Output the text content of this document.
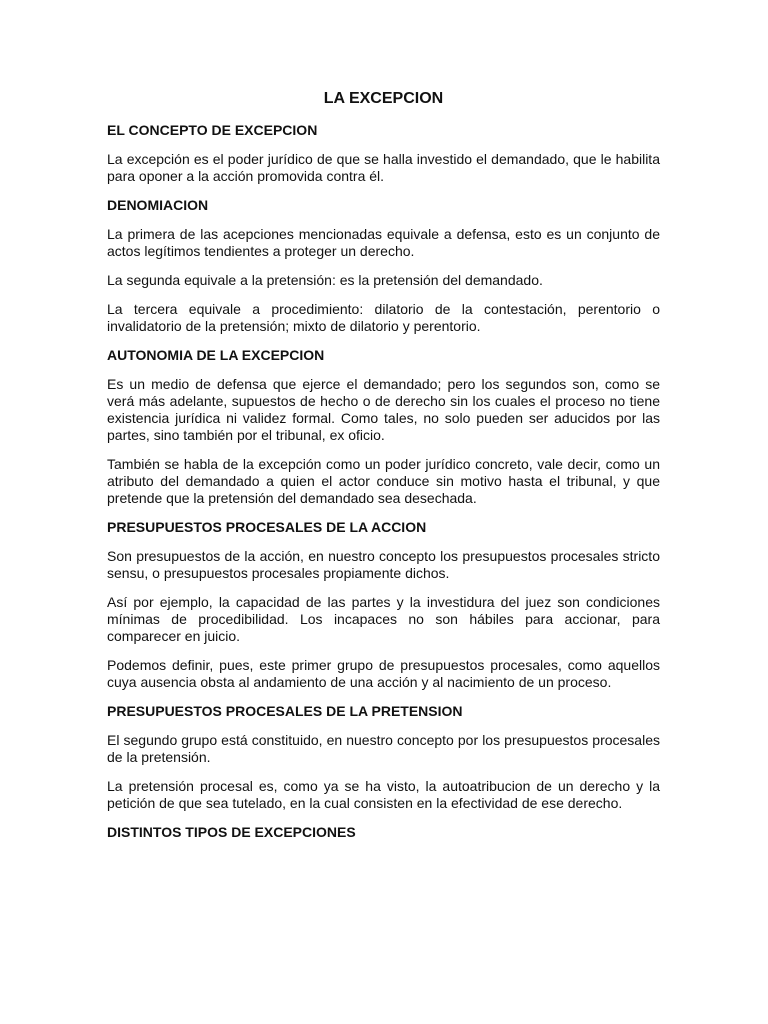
LA EXCEPCION
EL CONCEPTO DE EXCEPCION

La excepción es el poder jurídico de que se halla investido el demandado, que le habilita para oponer a la acción promovida contra él.

DENOMIACION

La primera de las acepciones mencionadas equivale a defensa, esto es un conjunto de actos legítimos tendientes a proteger un derecho.

La segunda equivale a la pretensión: es la pretensión del demandado.

La tercera equivale a procedimiento: dilatorio de la contestación, perentorio o invalidatorio de la pretensión; mixto de dilatorio y perentorio.

AUTONOMIA DE LA EXCEPCION

Es un medio de defensa que ejerce el demandado; pero los segundos son, como se verá más adelante, supuestos de hecho o de derecho sin los cuales el proceso no tiene existencia jurídica ni validez formal. Como tales, no solo pueden ser aducidos por las partes, sino también por el tribunal, ex oficio.

También se habla de la excepción como un poder jurídico concreto, vale decir, como un atributo del demandado a quien el actor conduce sin motivo hasta el tribunal, y que pretende que la pretensión del demandado sea desechada.

PRESUPUESTOS PROCESALES DE LA ACCION

Son presupuestos de la acción, en nuestro concepto los presupuestos procesales stricto sensu, o presupuestos procesales propiamente dichos.

Así por ejemplo, la capacidad de las partes y la investidura del juez son condiciones mínimas de procedibilidad. Los incapaces no son hábiles para accionar, para comparecer en juicio.

Podemos definir, pues, este primer grupo de presupuestos procesales, como aquellos cuya ausencia obsta al andamiento de una acción y al nacimiento de un proceso.

PRESUPUESTOS PROCESALES DE LA PRETENSION

El segundo grupo está constituido, en nuestro concepto por los presupuestos procesales de la pretensión.

La pretensión procesal es, como ya se ha visto, la autoatribucion de un derecho y la petición de que sea tutelado, en la cual consisten en la efectividad de ese derecho.

DISTINTOS TIPOS DE EXCEPCIONES
